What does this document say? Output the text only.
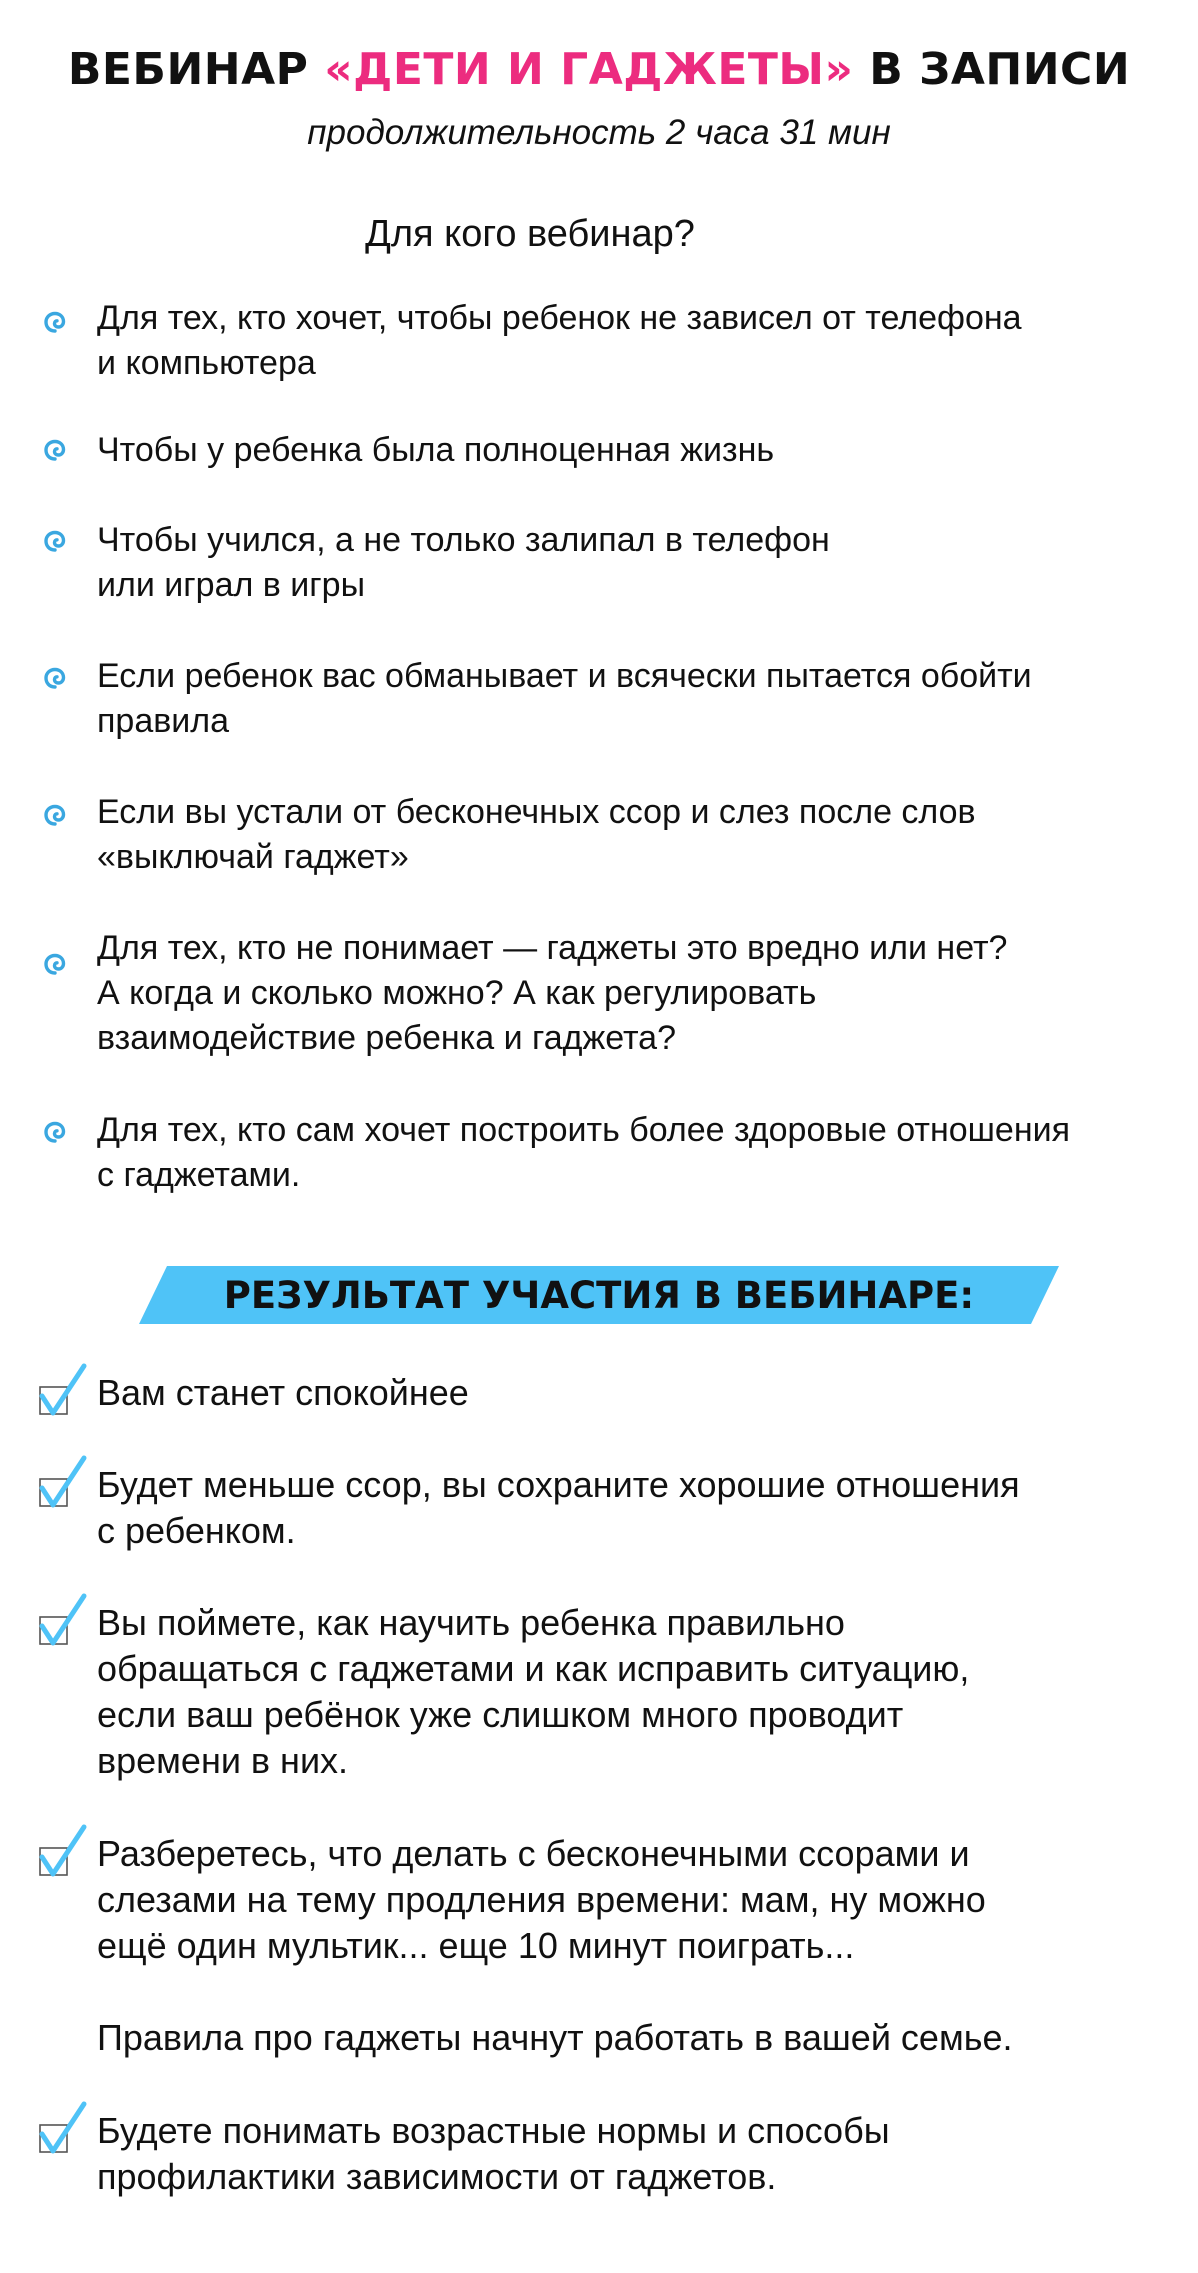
ВЕБИНАР «ДЕТИ И ГАДЖЕТЫ» В ЗАПИСИ
продолжительность 2 часа 31 мин
Для кого вебинар?
Для тех, кто хочет, чтобы ребенок не зависел от телефона
и компьютера
Чтобы у ребенка была полноценная жизнь
Чтобы учился, а не только залипал в телефон
или играл в игры
Если ребенок вас обманывает и всячески пытается обойти
правила
Если вы устали от бесконечных ссор и слез после слов
«выключай гаджет»
Для тех, кто не понимает — гаджеты это вредно или нет?
А когда и сколько можно? А как регулировать
взаимодействие ребенка и гаджета?
Для тех, кто сам хочет построить более здоровые отношения
с гаджетами.
РЕЗУЛЬТАТ УЧАСТИЯ В ВЕБИНАРЕ:
Вам станет спокойнее
Будет меньше ссор, вы сохраните хорошие отношения
с ребенком.
Вы поймете, как научить ребенка правильно
обращаться с гаджетами и как исправить ситуацию,
если ваш ребёнок уже слишком много проводит
времени в них.
Разберетесь, что делать с бесконечными ссорами и
слезами на тему продления времени: мам, ну можно
ещё один мультик... еще 10 минут поиграть...
Правила про гаджеты начнут работать в вашей семье.
Будете понимать возрастные нормы и способы
профилактики зависимости от гаджетов.
